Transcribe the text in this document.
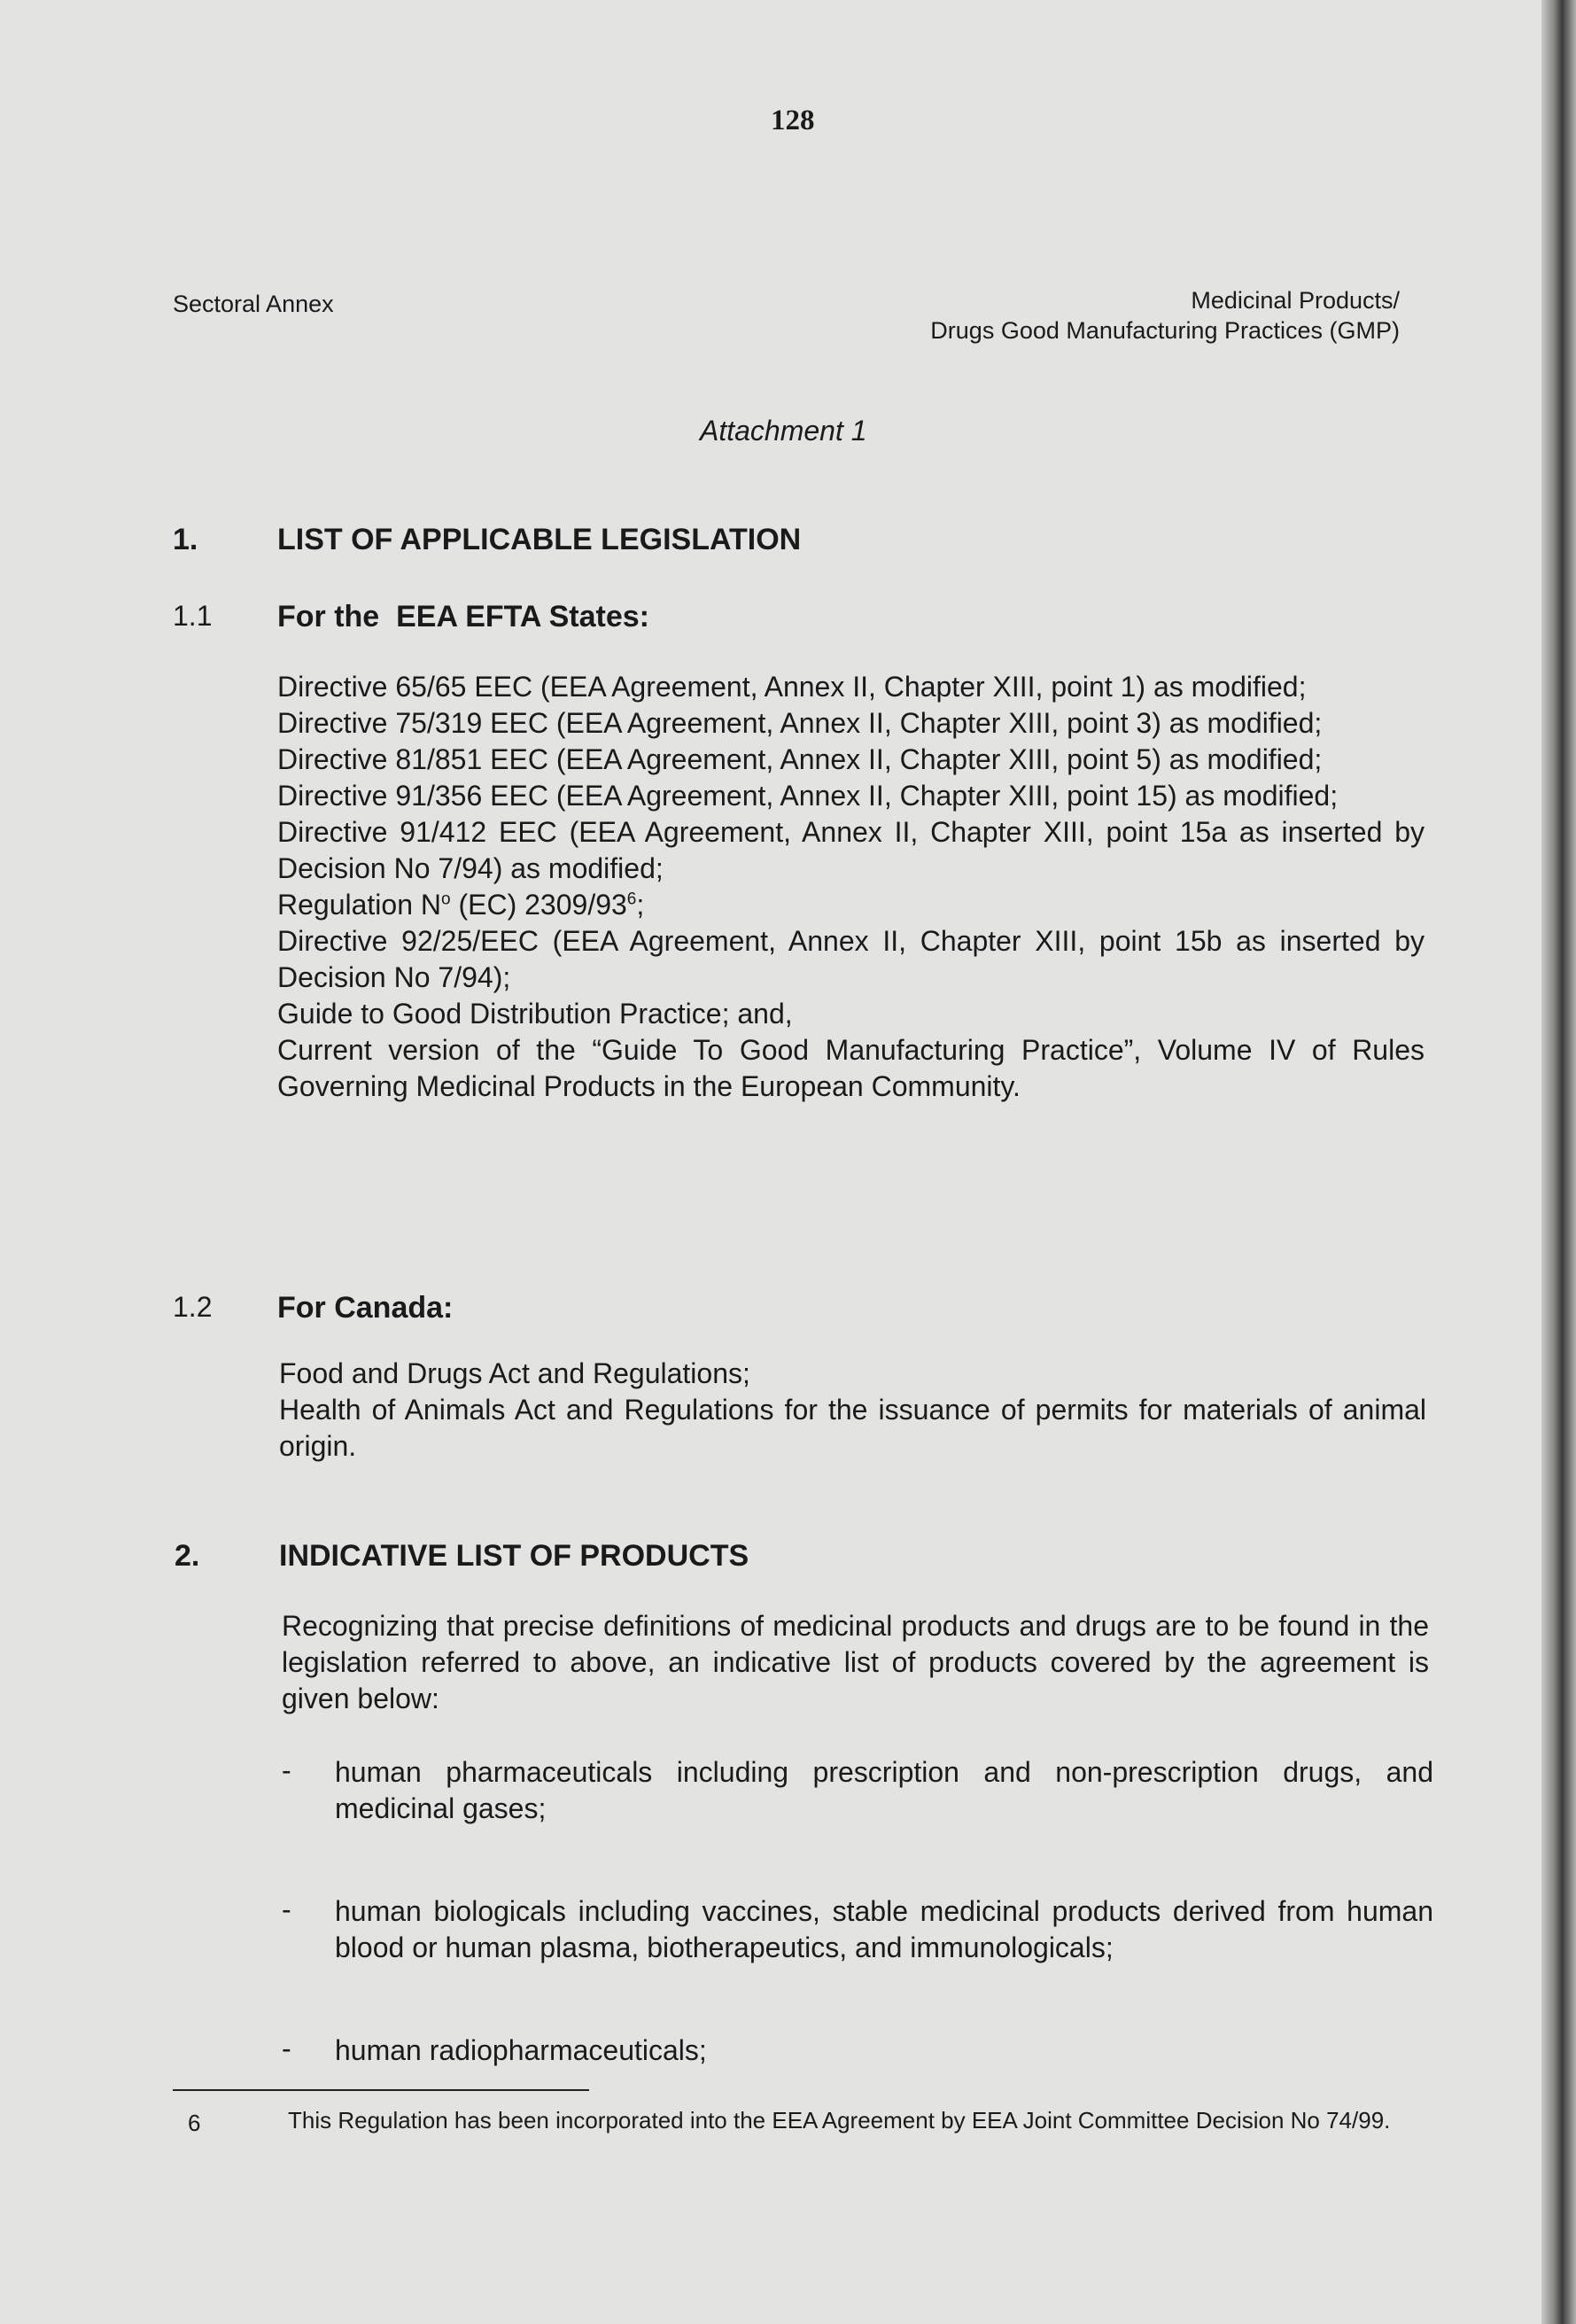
128

Sectoral Annex	Medicinal Products/
Drugs Good Manufacturing Practices (GMP)

Attachment 1

1.	LIST OF APPLICABLE LEGISLATION
1.1 For the  EEA EFTA States:
Directive 65/65 EEC (EEA Agreement, Annex II, Chapter XIII, point 1) as modified;
Directive 75/319 EEC (EEA Agreement, Annex II, Chapter XIII, point 3) as modified;
Directive 81/851 EEC (EEA Agreement, Annex II, Chapter XIII, point 5) as modified;
Directive 91/356 EEC (EEA Agreement, Annex II, Chapter XIII, point 15) as modified;
Directive 91/412 EEC (EEA Agreement, Annex II, Chapter XIII, point 15a as inserted by Decision No 7/94) as modified;
Regulation $N^o$ (EC) $2309/93^6$;
Directive 92/25/EEC (EEA Agreement, Annex II, Chapter XIII, point 15b as inserted by Decision No 7/94);
Guide to Good Distribution Practice; and,
Current version of the “Guide To Good Manufacturing Practice”, Volume IV of Rules Governing Medicinal Products in the European Community.
1.2 For Canada:
Food and Drugs Act and Regulations;
Health of Animals Act and Regulations for the issuance of permits for materials of animal origin.
2.	INDICATIVE LIST OF PRODUCTS
Recognizing that precise definitions of medicinal products and drugs are to be found in the legislation referred to above, an indicative list of products covered by the agreement is given below:
-	human pharmaceuticals including prescription and non-prescription drugs, and medicinal gases;
-	human biologicals including vaccines, stable medicinal products derived from human blood or human plasma, biotherapeutics, and immunologicals;
-	human radiopharmaceuticals;
6	This Regulation has been incorporated into the EEA Agreement by EEA Joint Committee Decision No 74/99.
